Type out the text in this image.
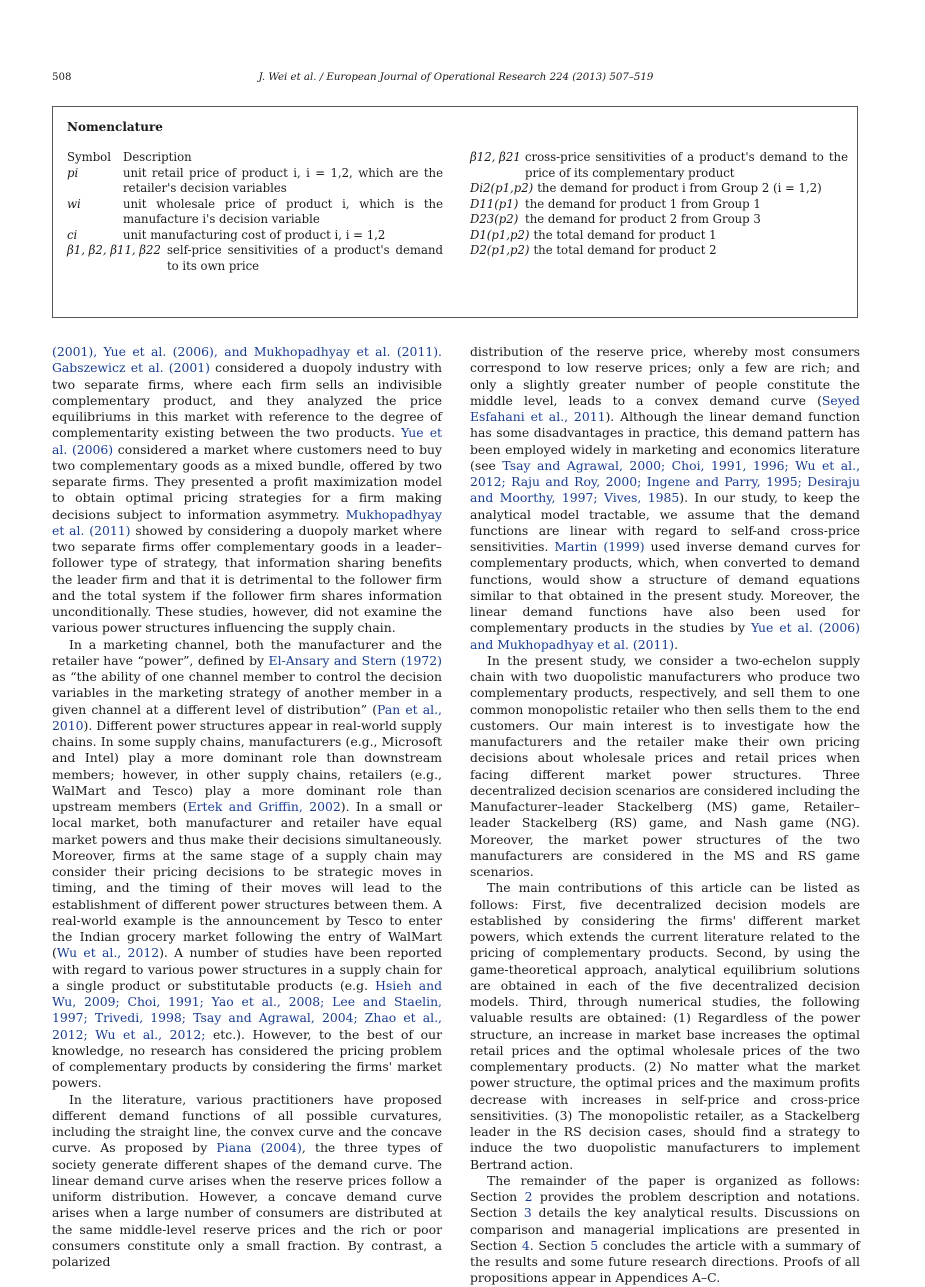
508	J. Wei et al. / European Journal of Operational Research 224 (2013) 507–519
Nomenclature
Symbol	Description
pi	unit retail price of product i, i = 1,2, which are the retailer's decision variables
wi	unit wholesale price of product i, which is the manufacture i's decision variable
ci	unit manufacturing cost of product i, i = 1,2
β1, β2, β11, β22 self-price sensitivities of a product's demand to its own price
β12, β21 cross-price sensitivities of a product's demand to the price of its complementary product
Di2(p1,p2) the demand for product i from Group 2 (i = 1,2)
D11(p1) the demand for product 1 from Group 1
D23(p2) the demand for product 2 from Group 3
D1(p1,p2) the total demand for product 1
D2(p1,p2) the total demand for product 2

(2001), Yue et al. (2006), and Mukhopadhyay et al. (2011). Gabszewicz et al. (2001) considered a duopoly industry with two separate firms, where each firm sells an indivisible complementary product, and they analyzed the price equilibriums in this market with reference to the degree of complementarity existing between the two products. Yue et al. (2006) considered a market where customers need to buy two complementary goods as a mixed bundle, offered by two separate firms. They presented a profit maximization model to obtain optimal pricing strategies for a firm making decisions subject to information asymmetry. Mukhopadhyay et al. (2011) showed by considering a duopoly market where two separate firms offer complementary goods in a leader–follower type of strategy, that information sharing benefits the leader firm and that it is detrimental to the follower firm and the total system if the follower firm shares information unconditionally. These studies, however, did not examine the various power structures influencing the supply chain.

In a marketing channel, both the manufacturer and the retailer have “power”, defined by El-Ansary and Stern (1972) as “the ability of one channel member to control the decision variables in the marketing strategy of another member in a given channel at a different level of distribution” (Pan et al., 2010). Different power structures appear in real-world supply chains. In some supply chains, manufacturers (e.g., Microsoft and Intel) play a more dominant role than downstream members; however, in other supply chains, retailers (e.g., WalMart and Tesco) play a more dominant role than upstream members (Ertek and Griffin, 2002). In a small or local market, both manufacturer and retailer have equal market powers and thus make their decisions simultaneously. Moreover, firms at the same stage of a supply chain may consider their pricing decisions to be strategic moves in timing, and the timing of their moves will lead to the establishment of different power structures between them. A real-world example is the announcement by Tesco to enter the Indian grocery market following the entry of WalMart (Wu et al., 2012). A number of studies have been reported with regard to various power structures in a supply chain for a single product or substitutable products (e.g. Hsieh and Wu, 2009; Choi, 1991; Yao et al., 2008; Lee and Staelin, 1997; Trivedi, 1998; Tsay and Agrawal, 2004; Zhao et al., 2012; Wu et al., 2012; etc.). However, to the best of our knowledge, no research has considered the pricing problem of complementary products by considering the firms' market powers.

In the literature, various practitioners have proposed different demand functions of all possible curvatures, including the straight line, the convex curve and the concave curve. As proposed by Piana (2004), the three types of society generate different shapes of the demand curve. The linear demand curve arises when the reserve prices follow a uniform distribution. However, a concave demand curve arises when a large number of consumers are distributed at the same middle-level reserve prices and the rich or poor consumers constitute only a small fraction. By contrast, a polarized

distribution of the reserve price, whereby most consumers correspond to low reserve prices; only a few are rich; and only a slightly greater number of people constitute the middle level, leads to a convex demand curve (Seyed Esfahani et al., 2011). Although the linear demand function has some disadvantages in practice, this demand pattern has been employed widely in marketing and economics literature (see Tsay and Agrawal, 2000; Choi, 1991, 1996; Wu et al., 2012; Raju and Roy, 2000; Ingene and Parry, 1995; Desiraju and Moorthy, 1997; Vives, 1985). In our study, to keep the analytical model tractable, we assume that the demand functions are linear with regard to self-and cross-price sensitivities. Martin (1999) used inverse demand curves for complementary products, which, when converted to demand functions, would show a structure of demand equations similar to that obtained in the present study. Moreover, the linear demand functions have also been used for complementary products in the studies by Yue et al. (2006) and Mukhopadhyay et al. (2011).

In the present study, we consider a two-echelon supply chain with two duopolistic manufacturers who produce two complementary products, respectively, and sell them to one common monopolistic retailer who then sells them to the end customers. Our main interest is to investigate how the manufacturers and the retailer make their own pricing decisions about wholesale prices and retail prices when facing different market power structures. Three decentralized decision scenarios are considered including the Manufacturer–leader Stackelberg (MS) game, Retailer–leader Stackelberg (RS) game, and Nash game (NG). Moreover, the market power structures of the two manufacturers are considered in the MS and RS game scenarios.

The main contributions of this article can be listed as follows: First, five decentralized decision models are established by considering the firms' different market powers, which extends the current literature related to the pricing of complementary products. Second, by using the game-theoretical approach, analytical equilibrium solutions are obtained in each of the five decentralized decision models. Third, through numerical studies, the following valuable results are obtained: (1) Regardless of the power structure, an increase in market base increases the optimal retail prices and the optimal wholesale prices of the two complementary products. (2) No matter what the market power structure, the optimal prices and the maximum profits decrease with increases in self-price and cross-price sensitivities. (3) The monopolistic retailer, as a Stackelberg leader in the RS decision cases, should find a strategy to induce the two duopolistic manufacturers to implement Bertrand action.

The remainder of the paper is organized as follows: Section 2 provides the problem description and notations. Section 3 details the key analytical results. Discussions on comparison and managerial implications are presented in Section 4. Section 5 concludes the article with a summary of the results and some future research directions. Proofs of all propositions appear in Appendices A–C.
